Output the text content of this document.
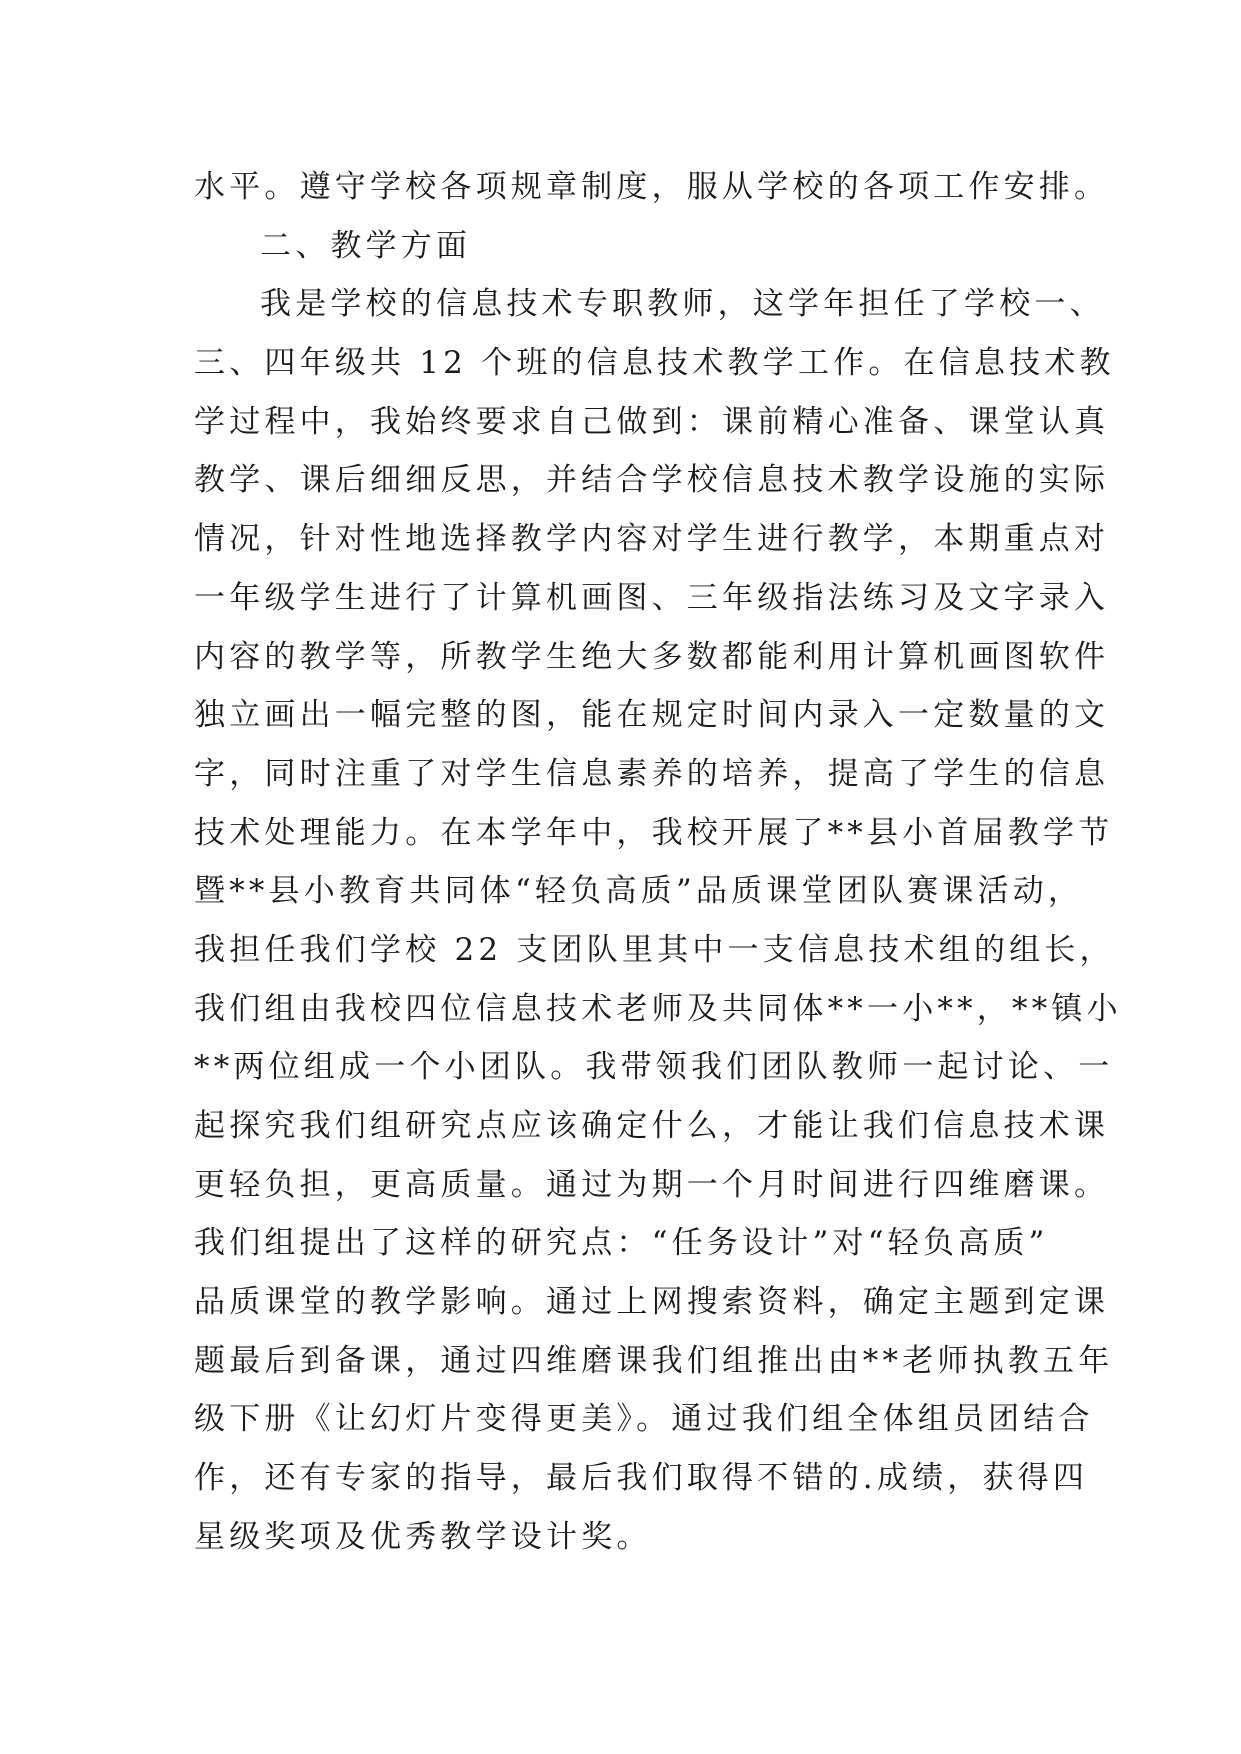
水平。遵守学校各项规章制度，服从学校的各项工作安排。
二、教学方面
我是学校的信息技术专职教师，这学年担任了学校一、
三、四年级共 12 个班的信息技术教学工作。在信息技术教
学过程中，我始终要求自己做到：课前精心准备、课堂认真
教学、课后细细反思，并结合学校信息技术教学设施的实际
情况，针对性地选择教学内容对学生进行教学，本期重点对
一年级学生进行了计算机画图、三年级指法练习及文字录入
内容的教学等，所教学生绝大多数都能利用计算机画图软件
独立画出一幅完整的图，能在规定时间内录入一定数量的文
字，同时注重了对学生信息素养的培养，提高了学生的信息
技术处理能力。在本学年中，我校开展了**县小首届教学节
暨**县小教育共同体“轻负高质”品质课堂团队赛课活动，
我担任我们学校 22 支团队里其中一支信息技术组的组长，
我们组由我校四位信息技术老师及共同体**一小**，**镇小
**两位组成一个小团队。我带领我们团队教师一起讨论、一
起探究我们组研究点应该确定什么，才能让我们信息技术课
更轻负担，更高质量。通过为期一个月时间进行四维磨课。
我们组提出了这样的研究点：“任务设计”对“轻负高质”
品质课堂的教学影响。通过上网搜索资料，确定主题到定课
题最后到备课，通过四维磨课我们组推出由**老师执教五年
级下册《让幻灯片变得更美》。通过我们组全体组员团结合
作，还有专家的指导，最后我们取得不错的.成绩，获得四
星级奖项及优秀教学设计奖。
